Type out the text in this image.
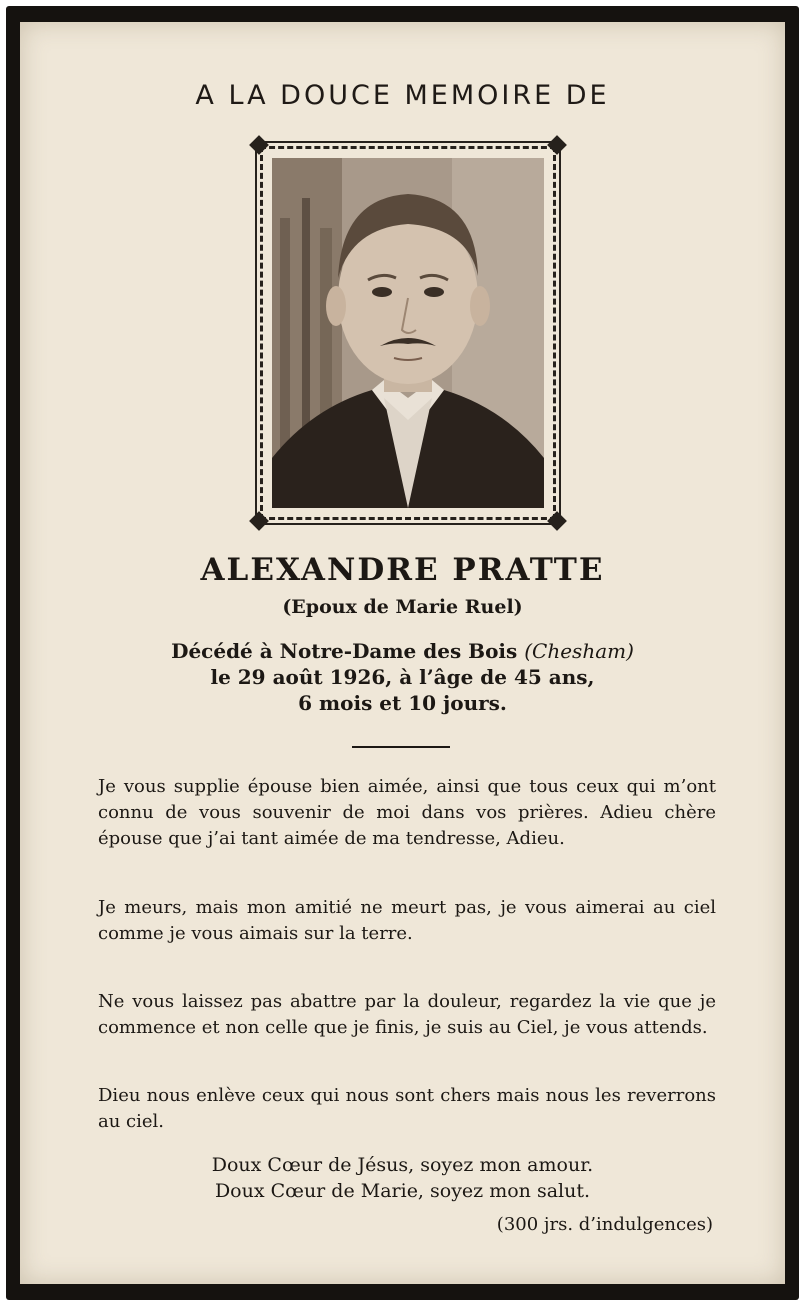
A LA DOUCE MEMOIRE DE
ALEXANDRE PRATTE
(Epoux de Marie Ruel)
Décédé à Notre-Dame des Bois (Chesham)
le 29 août 1926, à l’âge de 45 ans,
6 mois et 10 jours.
Je vous supplie épouse bien aimée, ainsi que tous ceux qui m’ont connu de vous souvenir de moi dans vos prières. Adieu chère épouse que j’ai tant aimée de ma tendresse, Adieu.
Je meurs, mais mon amitié ne meurt pas, je vous aimerai au ciel comme je vous aimais sur la terre.
Ne vous laissez pas abattre par la douleur, regardez la vie que je commence et non celle que je finis, je suis au Ciel, je vous attends.
Dieu nous enlève ceux qui nous sont chers mais nous les reverrons au ciel.
Doux Cœur de Jésus, soyez mon amour.
Doux Cœur de Marie, soyez mon salut.
(300 jrs. d’indulgences)
